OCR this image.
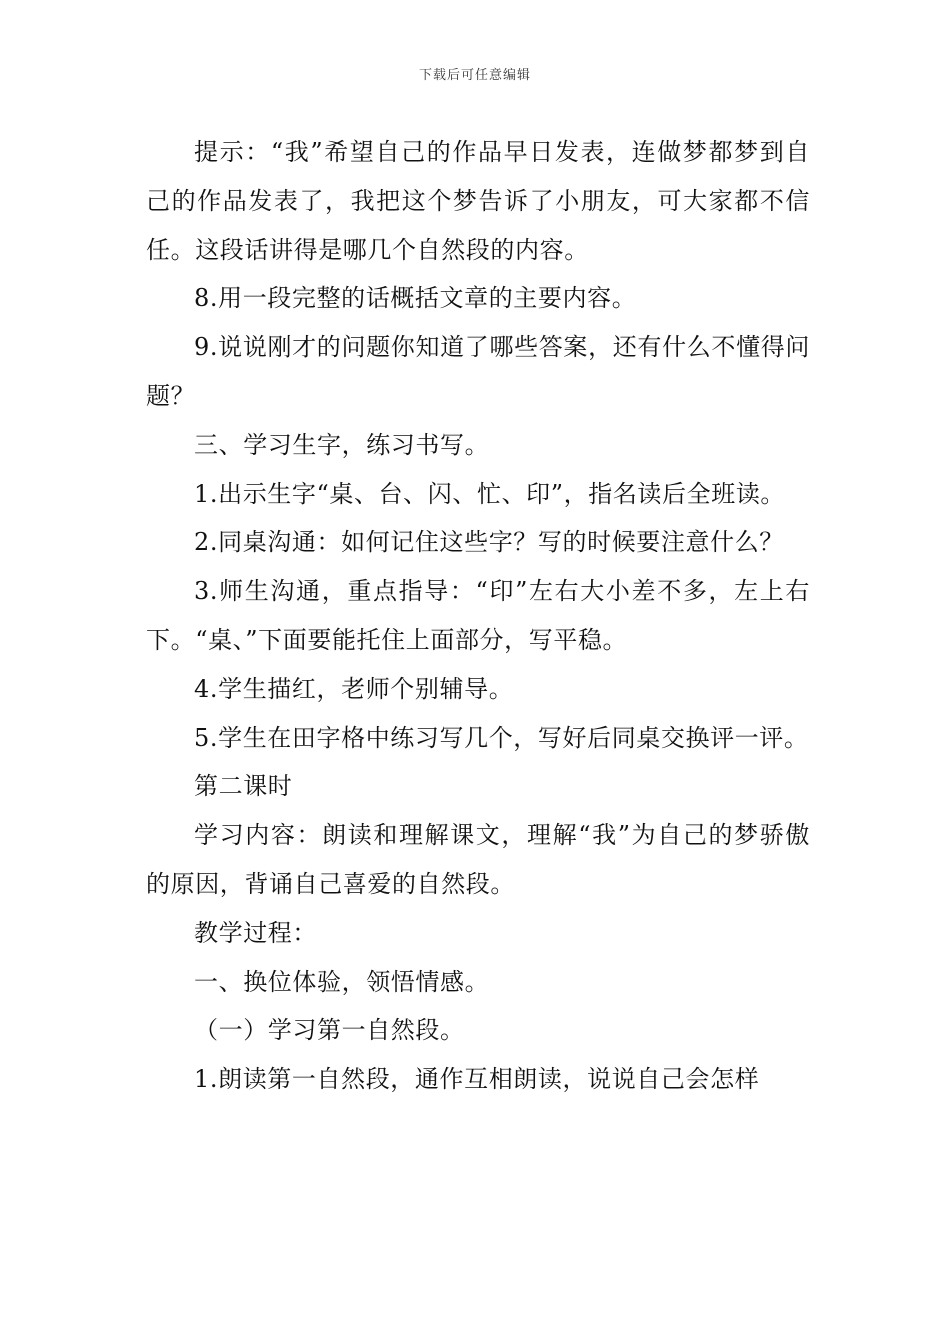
下载后可任意编辑

提示：“我”希望自己的作品早日发表，连做梦都梦到自己的作品发表了，我把这个梦告诉了小朋友，可大家都不信任。这段话讲得是哪几个自然段的内容。

8.用一段完整的话概括文章的主要内容。

9.说说刚才的问题你知道了哪些答案，还有什么不懂得问题？

三、学习生字，练习书写。

1.出示生字“桌、台、闪、忙、印”，指名读后全班读。

2.同桌沟通：如何记住这些字？写的时候要注意什么？

3.师生沟通，重点指导：“印”左右大小差不多，左上右下。“桌、”下面要能托住上面部分，写平稳。

4.学生描红，老师个别辅导。

5.学生在田字格中练习写几个，写好后同桌交换评一评。

第二课时

学习内容：朗读和理解课文，理解“我”为自己的梦骄傲的原因，背诵自己喜爱的自然段。

教学过程：

一、换位体验，领悟情感。

（一）学习第一自然段。

1.朗读第一自然段，通作互相朗读，说说自己会怎样
